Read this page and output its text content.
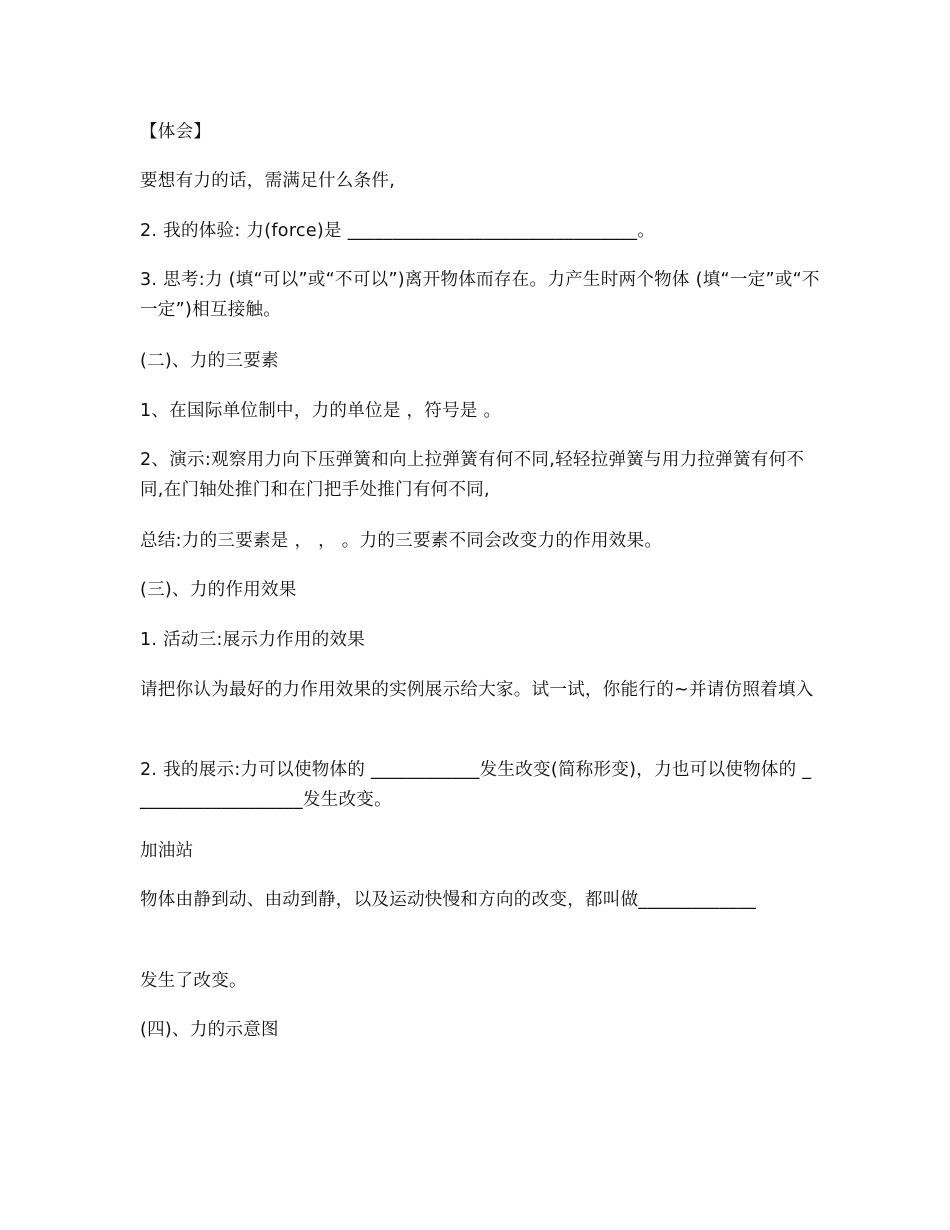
【体会】
要想有力的话，需满足什么条件,
2. 我的体验: 力(force)是 ________________________________。
3. 思考:力 (填“可以”或“不可以”)离开物体而存在。力产生时两个物体 (填“一定”或“不一定”)相互接触。
(二)、力的三要素
1、在国际单位制中，力的单位是 ，符号是 。
2、演示:观察用力向下压弹簧和向上拉弹簧有何不同,轻轻拉弹簧与用力拉弹簧有何不同,在门轴处推门和在门把手处推门有何不同,
总结:力的三要素是 ， ， 。力的三要素不同会改变力的作用效果。
(三)、力的作用效果
1. 活动三:展示力作用的效果
请把你认为最好的力作用效果的实例展示给大家。试一试，你能行的~并请仿照着填入
2. 我的展示:力可以使物体的 ____________发生改变(简称形变)，力也可以使物体的 ___________________发生改变。
加油站
物体由静到动、由动到静，以及运动快慢和方向的改变，都叫做_____________
发生了改变。
(四)、力的示意图
